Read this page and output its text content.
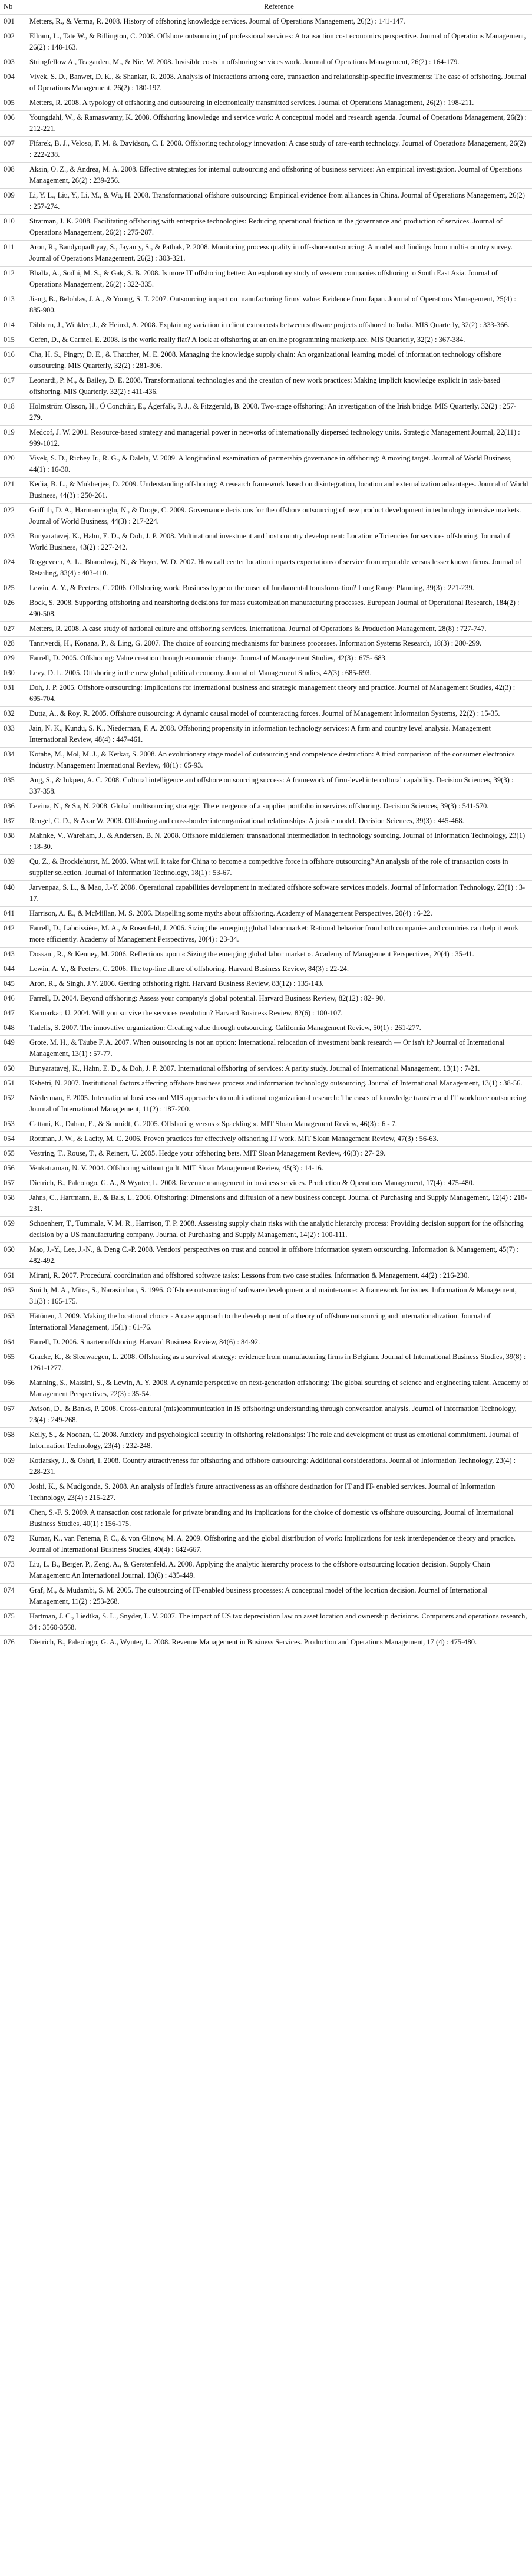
Nb	Reference
001	Metters, R., & Verma, R. 2008. History of offshoring knowledge services. Journal of Operations Management, 26(2) : 141-147.
002	Ellram, L., Tate W., & Billington, C. 2008. Offshore outsourcing of professional services: A transaction cost economics perspective. Journal of Operations Management, 26(2) : 148-163.
003	Stringfellow A., Teagarden, M., & Nie, W. 2008. Invisible costs in offshoring services work. Journal of Operations Management, 26(2) : 164-179.
004	Vivek, S. D., Banwet, D. K., & Shankar, R. 2008. Analysis of interactions among core, transaction and relationship-specific investments: The case of offshoring. Journal of Operations Management, 26(2) : 180-197.
005	Metters, R. 2008. A typology of offshoring and outsourcing in electronically transmitted services. Journal of Operations Management, 26(2) : 198-211.
006	Youngdahl, W., & Ramaswamy, K. 2008. Offshoring knowledge and service work: A conceptual model and research agenda. Journal of Operations Management, 26(2) : 212-221.
007	Fifarek, B. J., Veloso, F. M. & Davidson, C. I. 2008. Offshoring technology innovation: A case study of rare-earth technology. Journal of Operations Management, 26(2) : 222-238.
008	Aksin, O. Z., & Andrea, M. A. 2008. Effective strategies for internal outsourcing and offshoring of business services: An empirical investigation. Journal of Operations Management, 26(2) : 239-256.
009	Li, Y. L., Liu, Y., Li, M., & Wu, H. 2008. Transformational offshore outsourcing: Empirical evidence from alliances in China. Journal of Operations Management, 26(2) : 257-274.
010	Stratman, J. K. 2008. Facilitating offshoring with enterprise technologies: Reducing operational friction in the governance and production of services. Journal of Operations Management, 26(2) : 275-287.
011	Aron, R., Bandyopadhyay, S., Jayanty, S., & Pathak, P. 2008. Monitoring process quality in off-shore outsourcing: A model and findings from multi-country survey. Journal of Operations Management, 26(2) : 303-321.
012	Bhalla, A., Sodhi, M. S., & Gak, S. B. 2008. Is more IT offshoring better: An exploratory study of western companies offshoring to South East Asia. Journal of Operations Management, 26(2) : 322-335.
013	Jiang, B., Belohlav, J. A., & Young, S. T. 2007. Outsourcing impact on manufacturing firms' value: Evidence from Japan. Journal of Operations Management, 25(4) : 885-900.
014	Dibbern, J., Winkler, J., & Heinzl, A. 2008. Explaining variation in client extra costs between software projects offshored to India. MIS Quarterly, 32(2) : 333-366.
015	Gefen, D., & Carmel, E. 2008. Is the world really flat? A look at offshoring at an online programming marketplace. MIS Quarterly, 32(2) : 367-384.
016	Cha, H. S., Pingry, D. E., & Thatcher, M. E. 2008. Managing the knowledge supply chain: An organizational learning model of information technology offshore outsourcing. MIS Quarterly, 32(2) : 281-306.
017	Leonardi, P. M., & Bailey, D. E. 2008. Transformational technologies and the creation of new work practices: Making implicit knowledge explicit in task-based offshoring. MIS Quarterly, 32(2) : 411-436.
018	Holmström Olsson, H., Ó Conchúir, E., Ågerfalk, P. J., & Fitzgerald, B. 2008. Two-stage offshoring: An investigation of the Irish bridge. MIS Quarterly, 32(2) : 257-279.
019	Medcof, J. W. 2001. Resource-based strategy and managerial power in networks of internationally dispersed technology units. Strategic Management Journal, 22(11) : 999-1012.
020	Vivek, S. D., Richey Jr., R. G., & Dalela, V. 2009. A longitudinal examination of partnership governance in offshoring: A moving target. Journal of World Business, 44(1) : 16-30.
021	Kedia, B. L., & Mukherjee, D. 2009. Understanding offshoring: A research framework based on disintegration, location and externalization advantages. Journal of World Business, 44(3) : 250-261.
022	Griffith, D. A., Harmancioglu, N., & Droge, C. 2009. Governance decisions for the offshore outsourcing of new product development in technology intensive markets. Journal of World Business, 44(3) : 217-224.
023	Bunyaratavej, K., Hahn, E. D., & Doh, J. P. 2008. Multinational investment and host country development: Location efficiencies for services offshoring. Journal of World Business, 43(2) : 227-242.
024	Roggeveen, A. L., Bharadwaj, N., & Hoyer, W. D. 2007. How call center location impacts expectations of service from reputable versus lesser known firms. Journal of Retailing, 83(4) : 403-410.
025	Lewin, A. Y., & Peeters, C. 2006. Offshoring work: Business hype or the onset of fundamental transformation? Long Range Planning, 39(3) : 221-239.
026	Bock, S. 2008. Supporting offshoring and nearshoring decisions for mass customization manufacturing processes. European Journal of Operational Research, 184(2) : 490-508.
027	Metters, R. 2008. A case study of national culture and offshoring services. International Journal of Operations & Production Management, 28(8) : 727-747.
028	Tanriverdi, H., Konana, P., & Ling, G. 2007. The choice of sourcing mechanisms for business processes. Information Systems Research, 18(3) : 280-299.
029	Farrell, D. 2005. Offshoring: Value creation through economic change. Journal of Management Studies, 42(3) : 675- 683.
030	Levy, D. L. 2005. Offshoring in the new global political economy. Journal of Management Studies, 42(3) : 685-693.
031	Doh, J. P. 2005. Offshore outsourcing: Implications for international business and strategic management theory and practice. Journal of Management Studies, 42(3) : 695-704.
032	Dutta, A., & Roy, R. 2005. Offshore outsourcing: A dynamic causal model of counteracting forces. Journal of Management Information Systems, 22(2) : 15-35.
033	Jain, N. K., Kundu, S. K., Niederman, F. A. 2008. Offshoring propensity in information technology services: A firm and country level analysis. Management International Review, 48(4) : 447-461.
034	Kotabe, M., Mol, M. J., & Ketkar, S. 2008. An evolutionary stage model of outsourcing and competence destruction: A triad comparison of the consumer electronics industry. Management International Review, 48(1) : 65-93.
035	Ang, S., & Inkpen, A. C. 2008. Cultural intelligence and offshore outsourcing success: A framework of firm-level intercultural capability. Decision Sciences, 39(3) : 337-358.
036	Levina, N., & Su, N. 2008. Global multisourcing strategy: The emergence of a supplier portfolio in services offshoring. Decision Sciences, 39(3) : 541-570.
037	Rengel, C. D., & Azar W. 2008. Offshoring and cross-border interorganizational relationships: A justice model. Decision Sciences, 39(3) : 445-468.
038	Mahnke, V., Wareham, J., & Andersen, B. N. 2008. Offshore middlemen: transnational intermediation in technology sourcing. Journal of Information Technology, 23(1) : 18-30.
039	Qu, Z., & Brocklehurst, M. 2003. What will it take for China to become a competitive force in offshore outsourcing? An analysis of the role of transaction costs in supplier selection. Journal of Information Technology, 18(1) : 53-67.
040	Jarvenpaa, S. L., & Mao, J.-Y. 2008. Operational capabilities development in mediated offshore software services models. Journal of Information Technology, 23(1) : 3-17.
041	Harrison, A. E., & McMillan, M. S. 2006. Dispelling some myths about offshoring. Academy of Management Perspectives, 20(4) : 6-22.
042	Farrell, D., Laboissière, M. A., & Rosenfeld, J. 2006. Sizing the emerging global labor market: Rational behavior from both companies and countries can help it work more efficiently. Academy of Management Perspectives, 20(4) : 23-34.
043	Dossani, R., & Kenney, M. 2006. Reflections upon « Sizing the emerging global labor market ». Academy of Management Perspectives, 20(4) : 35-41.
044	Lewin, A. Y., & Peeters, C. 2006. The top-line allure of offshoring. Harvard Business Review, 84(3) : 22-24.
045	Aron, R., & Singh, J.V. 2006. Getting offshoring right. Harvard Business Review, 83(12) : 135-143.
046	Farrell, D. 2004. Beyond offshoring: Assess your company's global potential. Harvard Business Review, 82(12) : 82- 90.
047	Karmarkar, U. 2004. Will you survive the services revolution? Harvard Business Review, 82(6) : 100-107.
048	Tadelis, S. 2007. The innovative organization: Creating value through outsourcing. California Management Review, 50(1) : 261-277.
049	Grote, M. H., & Täube F. A. 2007. When outsourcing is not an option: International relocation of investment bank research — Or isn't it? Journal of International Management, 13(1) : 57-77.
050	Bunyaratavej, K., Hahn, E. D., & Doh, J. P. 2007. International offshoring of services: A parity study. Journal of International Management, 13(1) : 7-21.
051	Kshetri, N. 2007. Institutional factors affecting offshore business process and information technology outsourcing. Journal of International Management, 13(1) : 38-56.
052	Niederman, F. 2005. International business and MIS approaches to multinational organizational research: The cases of knowledge transfer and IT workforce outsourcing. Journal of International Management, 11(2) : 187-200.
053	Cattani, K., Dahan, E., & Schmidt, G. 2005. Offshoring versus « Spackling ». MIT Sloan Management Review, 46(3) : 6 - 7.
054	Rottman, J. W., & Lacity, M. C. 2006. Proven practices for effectively offshoring IT work. MIT Sloan Management Review, 47(3) : 56-63.
055	Vestring, T., Rouse, T., & Reinert, U. 2005. Hedge your offshoring bets. MIT Sloan Management Review, 46(3) : 27- 29.
056	Venkatraman, N. V. 2004. Offshoring without guilt. MIT Sloan Management Review, 45(3) : 14-16.
057	Dietrich, B., Paleologo, G. A., & Wynter, L. 2008. Revenue management in business services. Production & Operations Management, 17(4) : 475-480.
058	Jahns, C., Hartmann, E., & Bals, L. 2006. Offshoring: Dimensions and diffusion of a new business concept. Journal of Purchasing and Supply Management, 12(4) : 218-231.
059	Schoenherr, T., Tummala, V. M. R., Harrison, T. P. 2008. Assessing supply chain risks with the analytic hierarchy process: Providing decision support for the offshoring decision by a US manufacturing company. Journal of Purchasing and Supply Management, 14(2) : 100-111.
060	Mao, J.-Y., Lee, J.-N., & Deng C.-P. 2008. Vendors' perspectives on trust and control in offshore information system outsourcing. Information & Management, 45(7) : 482-492.
061	Mirani, R. 2007. Procedural coordination and offshored software tasks: Lessons from two case studies. Information & Management, 44(2) : 216-230.
062	Smith, M. A., Mitra, S., Narasimhan, S. 1996. Offshore outsourcing of software development and maintenance: A framework for issues. Information & Management, 31(3) : 165-175.
063	Hätönen, J. 2009. Making the locational choice - A case approach to the development of a theory of offshore outsourcing and internationalization. Journal of International Management, 15(1) : 61-76.
064	Farrell, D. 2006. Smarter offshoring. Harvard Business Review, 84(6) : 84-92.
065	Gracke, K., & Sleuwaegen, L. 2008. Offshoring as a survival strategy: evidence from manufacturing firms in Belgium. Journal of International Business Studies, 39(8) : 1261-1277.
066	Manning, S., Massini, S., & Lewin, A. Y. 2008. A dynamic perspective on next-generation offshoring: The global sourcing of science and engineering talent. Academy of Management Perspectives, 22(3) : 35-54.
067	Avison, D., & Banks, P. 2008. Cross-cultural (mis)communication in IS offshoring: understanding through conversation analysis. Journal of Information Technology, 23(4) : 249-268.
068	Kelly, S., & Noonan, C. 2008. Anxiety and psychological security in offshoring relationships: The role and development of trust as emotional commitment. Journal of Information Technology, 23(4) : 232-248.
069	Kotlarsky, J., & Oshri, I. 2008. Country attractiveness for offshoring and offshore outsourcing: Additional considerations. Journal of Information Technology, 23(4) : 228-231.
070	Joshi, K., & Mudigonda, S. 2008. An analysis of India's future attractiveness as an offshore destination for IT and IT- enabled services. Journal of Information Technology, 23(4) : 215-227.
071	Chen, S.-F. S. 2009. A transaction cost rationale for private branding and its implications for the choice of domestic vs offshore outsourcing. Journal of International Business Studies, 40(1) : 156-175.
072	Kumar, K., van Fenema, P. C., & von Glinow, M. A. 2009. Offshoring and the global distribution of work: Implications for task interdependence theory and practice. Journal of International Business Studies, 40(4) : 642-667.
073	Liu, L. B., Berger, P., Zeng, A., & Gerstenfeld, A. 2008. Applying the analytic hierarchy process to the offshore outsourcing location decision. Supply Chain Management: An International Journal, 13(6) : 435-449.
074	Graf, M., & Mudambi, S. M. 2005. The outsourcing of IT-enabled business processes: A conceptual model of the location decision. Journal of International Management, 11(2) : 253-268.
075	Hartman, J. C., Liedtka, S. L., Snyder, L. V. 2007. The impact of US tax depreciation law on asset location and ownership decisions. Computers and operations research, 34 : 3560-3568.
076	Dietrich, B., Paleologo, G. A., Wynter, L. 2008. Revenue Management in Business Services. Production and Operations Management, 17 (4) : 475-480.
